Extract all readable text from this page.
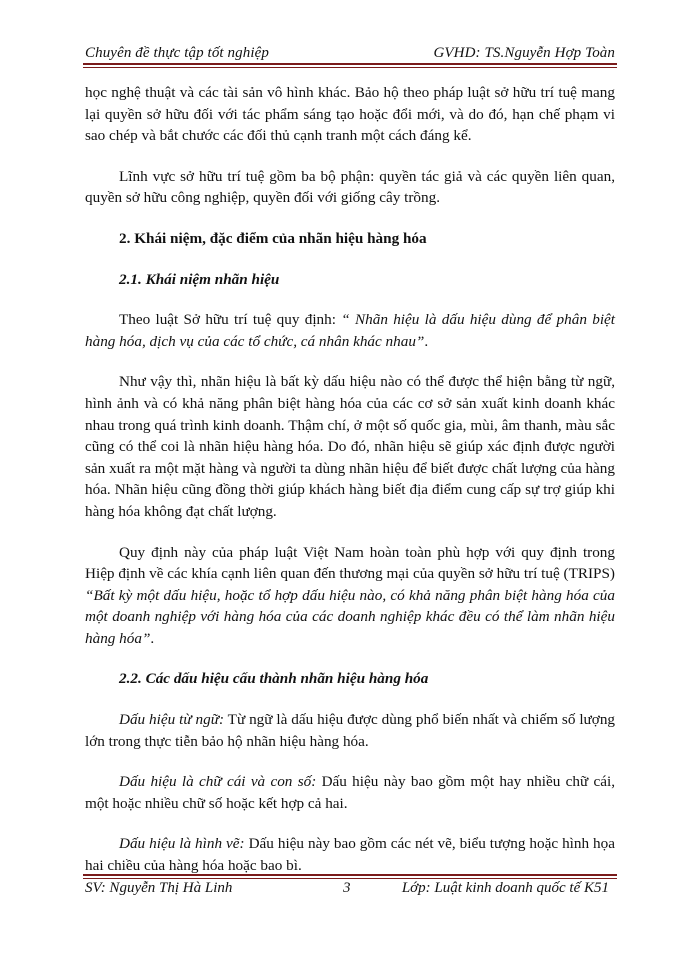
Chuyên đề thực tập tốt nghiệp	GVHD: TS.Nguyễn Hợp Toàn

học nghệ thuật và các tài sản vô hình khác. Bảo hộ theo pháp luật sở hữu trí tuệ mang lại quyền sở hữu đối với tác phẩm sáng tạo hoặc đổi mới, và do đó, hạn chế phạm vi sao chép và bắt chước các đối thủ cạnh tranh một cách đáng kể.

Lĩnh vực sở hữu trí tuệ gồm ba bộ phận: quyền tác giả và các quyền liên quan, quyền sở hữu công nghiệp, quyền đối với giống cây trồng.

2. Khái niệm, đặc điểm của nhãn hiệu hàng hóa

2.1. Khái niệm nhãn hiệu

Theo luật Sở hữu trí tuệ quy định: “ Nhãn hiệu là dấu hiệu dùng để phân biệt hàng hóa, dịch vụ của các tổ chức, cá nhân khác nhau”.

Như vậy thì, nhãn hiệu là bất kỳ dấu hiệu nào có thể được thể hiện bằng từ ngữ, hình ảnh và có khả năng phân biệt hàng hóa của các cơ sở sản xuất kinh doanh khác nhau trong quá trình kinh doanh. Thậm chí, ở một số quốc gia, mùi, âm thanh, màu sắc cũng có thể coi là nhãn hiệu hàng hóa. Do đó, nhãn hiệu sẽ giúp xác định được người sản xuất ra một mặt hàng và người ta dùng nhãn hiệu để biết được chất lượng của hàng hóa. Nhãn hiệu cũng đồng thời giúp khách hàng biết địa điểm cung cấp sự trợ giúp khi hàng hóa không đạt chất lượng.

Quy định này của pháp luật Việt Nam hoàn toàn phù hợp với quy định trong Hiệp định về các khía cạnh liên quan đến thương mại của quyền sở hữu trí tuệ (TRIPS) “Bất kỳ một dấu hiệu, hoặc tổ hợp dấu hiệu nào, có khả năng phân biệt hàng hóa của một doanh nghiệp với hàng hóa của các doanh nghiệp khác đều có thể làm nhãn hiệu hàng hóa”.

2.2. Các dấu hiệu cấu thành nhãn hiệu hàng hóa

Dấu hiệu từ ngữ: Từ ngữ là dấu hiệu được dùng phổ biến nhất và chiếm số lượng lớn trong thực tiễn bảo hộ nhãn hiệu hàng hóa.

Dấu hiệu là chữ cái và con số: Dấu hiệu này bao gồm một hay nhiều chữ cái, một hoặc nhiều chữ số hoặc kết hợp cả hai.

Dấu hiệu là hình vẽ: Dấu hiệu này bao gồm các nét vẽ, biểu tượng hoặc hình họa hai chiều của hàng hóa hoặc bao bì.

SV: Nguyễn Thị Hà Linh	3	Lớp: Luật kinh doanh quốc tế K51
